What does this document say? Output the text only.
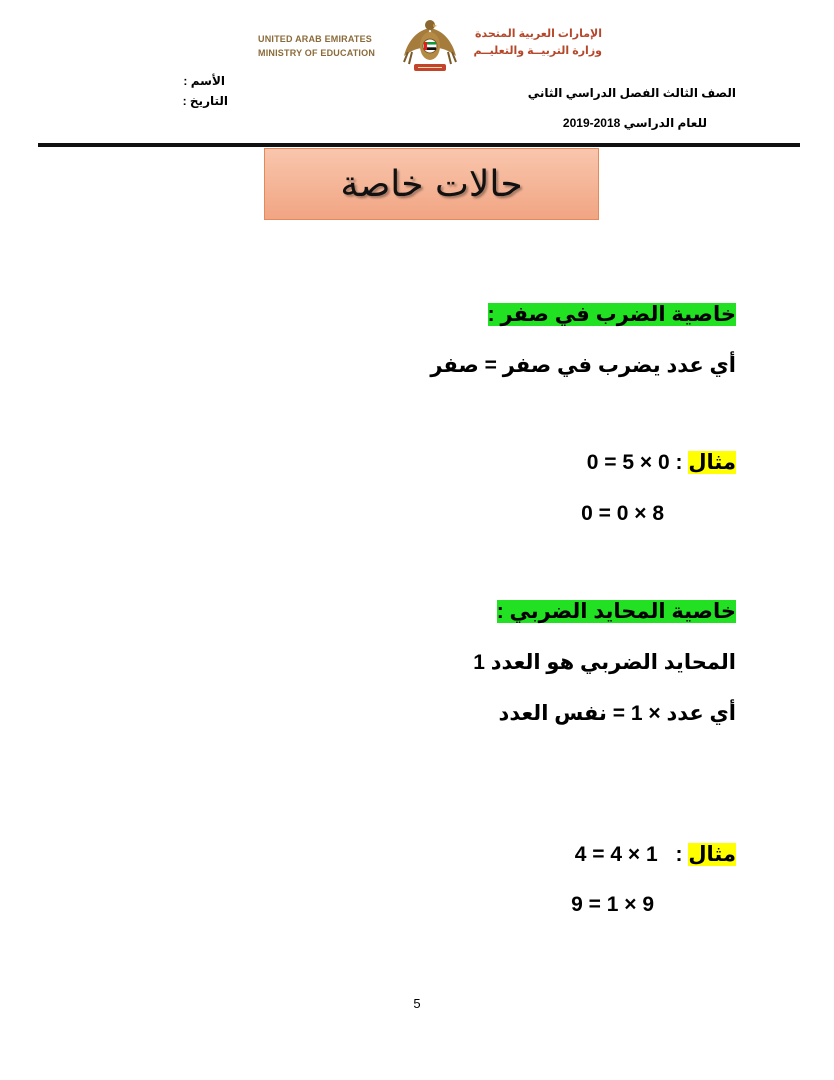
UNITED ARAB EMIRATES
MINISTRY OF EDUCATION
الإمارات العربية المتحدة
وزارة التربيــة والتعليــم
الأسم :
التاريخ :
الصف الثالث الفصل الدراسي الثاني
للعام الدراسي 2018-2019
حالات خاصة
خاصية الضرب في صفر :
أي عدد يضرب في صفر = صفر
مثال : 0 = 5 × 0
0 = 0 × 8
خاصية المحايد الضربي :
المحايد الضربي هو العدد 1
أي عدد × 1 = نفس العدد
مثال : 4 = 4 × 1
9 = 1 × 9
5
